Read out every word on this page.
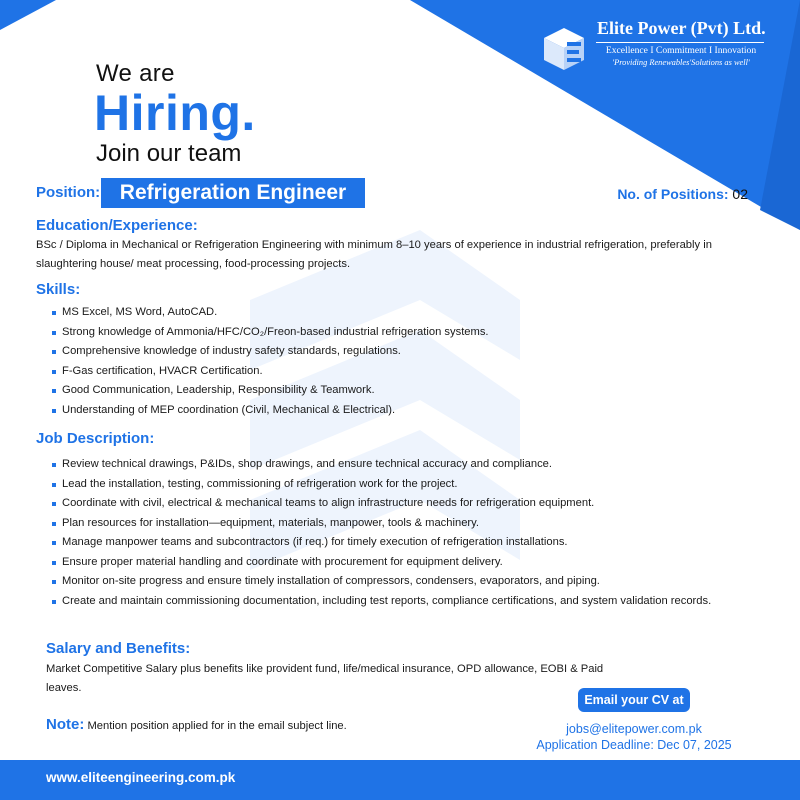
Elite Power (Pvt) Ltd.
Excellence I Commitment I Innovation
'Providing Renewables'Solutions as well'
We are
Hiring.
Join our team
Position: Refrigeration Engineer	No. of Positions: 02
Education/Experience:
BSc / Diploma in Mechanical or Refrigeration Engineering with minimum 8–10 years of experience in industrial refrigeration, preferably in slaughtering house/ meat processing, food-processing projects.
Skills:
MS Excel, MS Word, AutoCAD.
Strong knowledge of Ammonia/HFC/CO₂/Freon-based industrial refrigeration systems.
Comprehensive knowledge of industry safety standards, regulations.
F-Gas certification, HVACR Certification.
Good Communication, Leadership, Responsibility & Teamwork.
Understanding of MEP coordination (Civil, Mechanical & Electrical).
Job Description:
Review technical drawings, P&IDs, shop drawings, and ensure technical accuracy and compliance.
Lead the installation, testing, commissioning of refrigeration work for the project.
Coordinate with civil, electrical & mechanical teams to align infrastructure needs for refrigeration equipment.
Plan resources for installation—equipment, materials, manpower, tools & machinery.
Manage manpower teams and subcontractors (if req.) for timely execution of refrigeration installations.
Ensure proper material handling and coordinate with procurement for equipment delivery.
Monitor on-site progress and ensure timely installation of compressors, condensers, evaporators, and piping.
Create and maintain commissioning documentation, including test reports, compliance certifications, and system validation records.
Salary and Benefits:
Market Competitive Salary plus benefits like provident fund, life/medical insurance, OPD allowance, EOBI & Paid leaves.
Note: Mention position applied for in the email subject line.
Email your CV at
jobs@elitepower.com.pk
Application Deadline: Dec 07, 2025
www.eliteengineering.com.pk
